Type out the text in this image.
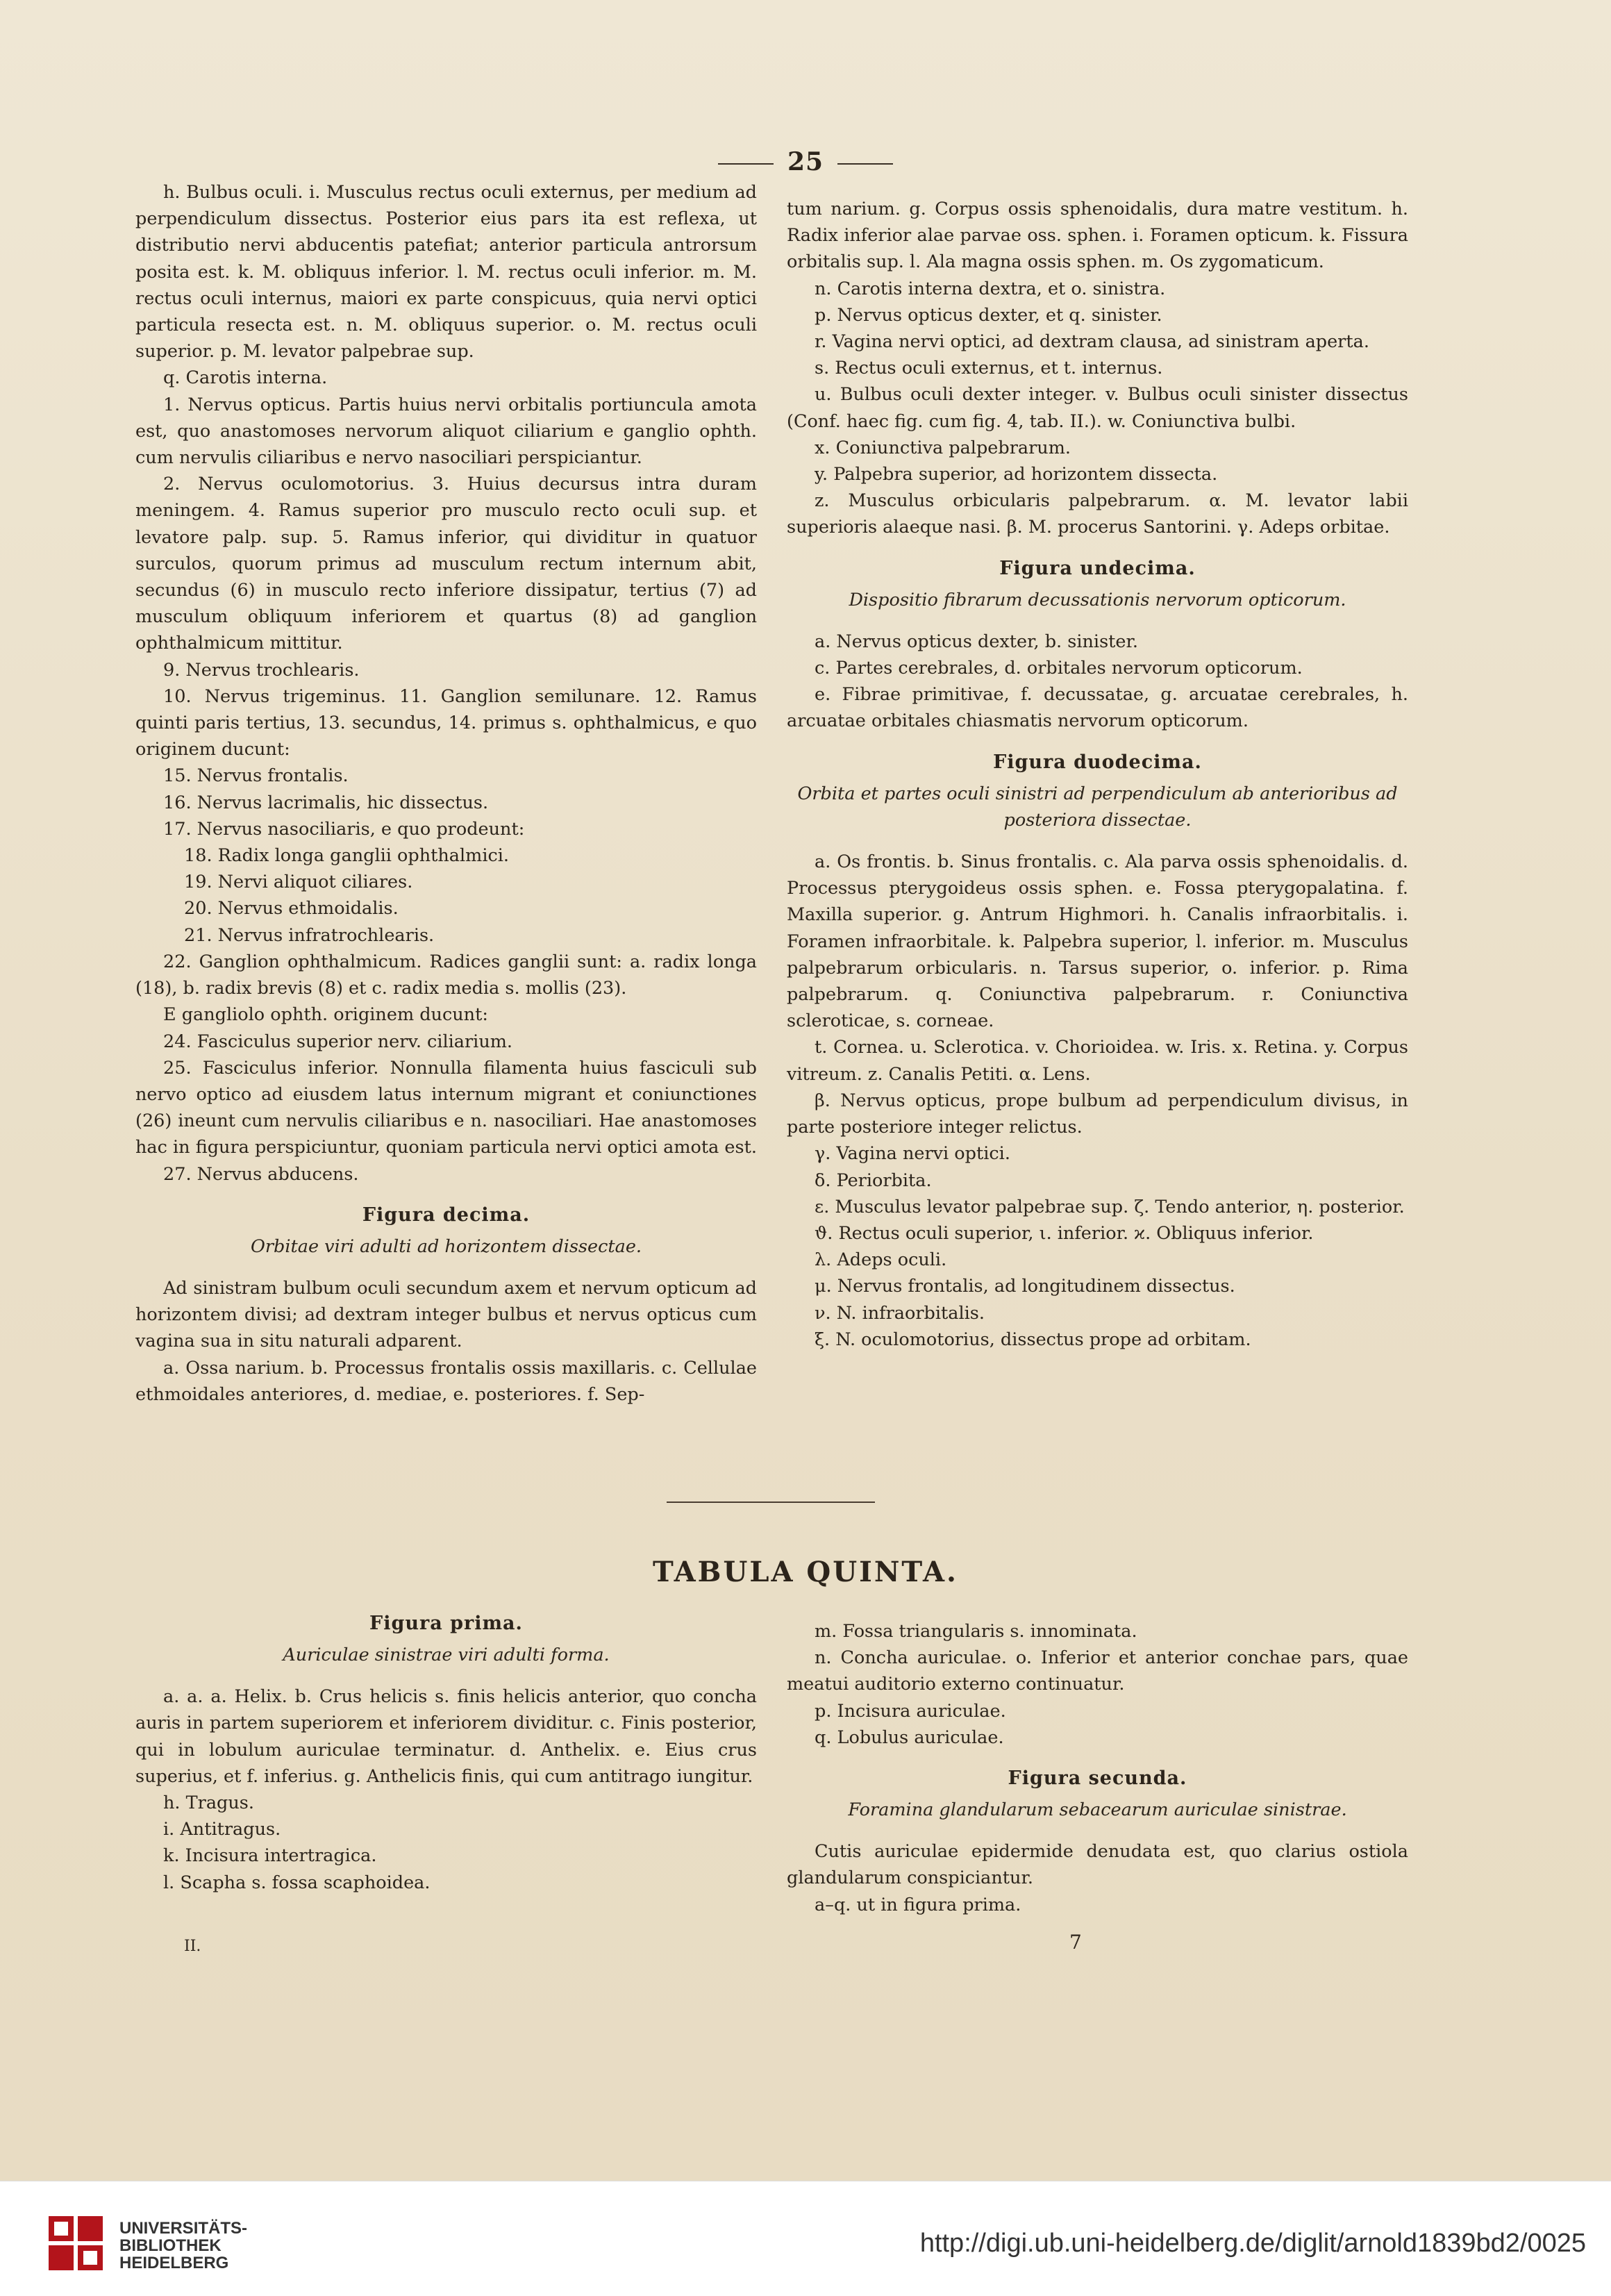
25

h. Bulbus oculi. i. Musculus rectus oculi externus, per medium ad perpendiculum dissectus. Posterior eius pars ita est reflexa, ut distributio nervi abducentis patefiat; anterior particula antrorsum posita est. k. M. obliquus inferior. l. M. rectus oculi inferior. m. M. rectus oculi internus, maiori ex parte conspicuus, quia nervi optici particula resecta est. n. M. obliquus superior. o. M. rectus oculi superior. p. M. levator palpebrae sup.

q. Carotis interna.

1. Nervus opticus. Partis huius nervi orbitalis portiuncula amota est, quo anastomoses nervorum aliquot ciliarium e ganglio ophth. cum nervulis ciliaribus e nervo nasociliari perspiciantur.

2. Nervus oculomotorius. 3. Huius decursus intra duram meningem. 4. Ramus superior pro musculo recto oculi sup. et levatore palp. sup. 5. Ramus inferior, qui dividitur in quatuor surculos, quorum primus ad musculum rectum internum abit, secundus (6) in musculo recto inferiore dissipatur, tertius (7) ad musculum obliquum inferiorem et quartus (8) ad ganglion ophthalmicum mittitur.

9. Nervus trochlearis.

10. Nervus trigeminus. 11. Ganglion semilunare. 12. Ramus quinti paris tertius, 13. secundus, 14. primus s. ophthalmicus, e quo originem ducunt:

15. Nervus frontalis.

16. Nervus lacrimalis, hic dissectus.

17. Nervus nasociliaris, e quo prodeunt:

18. Radix longa ganglii ophthalmici.

19. Nervi aliquot ciliares.

20. Nervus ethmoidalis.

21. Nervus infratrochlearis.

22. Ganglion ophthalmicum. Radices ganglii sunt: a. radix longa (18), b. radix brevis (8) et c. radix media s. mollis (23).

E gangliolo ophth. originem ducunt:

24. Fasciculus superior nerv. ciliarium.

25. Fasciculus inferior. Nonnulla filamenta huius fasciculi sub nervo optico ad eiusdem latus internum migrant et coniunctiones (26) ineunt cum nervulis ciliaribus e n. nasociliari. Hae anastomoses hac in figura perspiciuntur, quoniam particula nervi optici amota est.

27. Nervus abducens.

Figura decima.

Orbitae viri adulti ad horizontem dissectae.

Ad sinistram bulbum oculi secundum axem et nervum opticum ad horizontem divisi; ad dextram integer bulbus et nervus opticus cum vagina sua in situ naturali adparent.

a. Ossa narium. b. Processus frontalis ossis maxillaris. c. Cellulae ethmoidales anteriores, d. mediae, e. posteriores. f. Sep-

tum narium. g. Corpus ossis sphenoidalis, dura matre vestitum. h. Radix inferior alae parvae oss. sphen. i. Foramen opticum. k. Fissura orbitalis sup. l. Ala magna ossis sphen. m. Os zygomaticum.

n. Carotis interna dextra, et o. sinistra.

p. Nervus opticus dexter, et q. sinister.

r. Vagina nervi optici, ad dextram clausa, ad sinistram aperta.

s. Rectus oculi externus, et t. internus.

u. Bulbus oculi dexter integer. v. Bulbus oculi sinister dissectus (Conf. haec fig. cum fig. 4, tab. II.). w. Coniunctiva bulbi.

x. Coniunctiva palpebrarum.

y. Palpebra superior, ad horizontem dissecta.

z. Musculus orbicularis palpebrarum. α. M. levator labii superioris alaeque nasi. β. M. procerus Santorini. γ. Adeps orbitae.

Figura undecima.

Dispositio fibrarum decussationis nervorum opticorum.

a. Nervus opticus dexter, b. sinister.

c. Partes cerebrales, d. orbitales nervorum opticorum.

e. Fibrae primitivae, f. decussatae, g. arcuatae cerebrales, h. arcuatae orbitales chiasmatis nervorum opticorum.

Figura duodecima.

Orbita et partes oculi sinistri ad perpendiculum ab anterioribus ad posteriora dissectae.

a. Os frontis. b. Sinus frontalis. c. Ala parva ossis sphenoidalis. d. Processus pterygoideus ossis sphen. e. Fossa pterygopalatina. f. Maxilla superior. g. Antrum Highmori. h. Canalis infraorbitalis. i. Foramen infraorbitale. k. Palpebra superior, l. inferior. m. Musculus palpebrarum orbicularis. n. Tarsus superior, o. inferior. p. Rima palpebrarum. q. Coniunctiva palpebrarum. r. Coniunctiva scleroticae, s. corneae.

t. Cornea. u. Sclerotica. v. Chorioidea. w. Iris. x. Retina. y. Corpus vitreum. z. Canalis Petiti. α. Lens.

β. Nervus opticus, prope bulbum ad perpendiculum divisus, in parte posteriore integer relictus.

γ. Vagina nervi optici.

δ. Periorbita.

ε. Musculus levator palpebrae sup. ζ. Tendo anterior, η. posterior.

ϑ. Rectus oculi superior, ι. inferior. ϰ. Obliquus inferior.

λ. Adeps oculi.

μ. Nervus frontalis, ad longitudinem dissectus.

ν. N. infraorbitalis.

ξ. N. oculomotorius, dissectus prope ad orbitam.

TABULA QUINTA.
Figura prima.

Auriculae sinistrae viri adulti forma.

a. a. a. Helix. b. Crus helicis s. finis helicis anterior, quo concha auris in partem superiorem et inferiorem dividitur. c. Finis posterior, qui in lobulum auriculae terminatur. d. Anthelix. e. Eius crus superius, et f. inferius. g. Anthelicis finis, qui cum antitrago iungitur.

h. Tragus.

i. Antitragus.

k. Incisura intertragica.

l. Scapha s. fossa scaphoidea.

m. Fossa triangularis s. innominata.

n. Concha auriculae. o. Inferior et anterior conchae pars, quae meatui auditorio externo continuatur.

p. Incisura auriculae.

q. Lobulus auriculae.

Figura secunda.

Foramina glandularum sebacearum auriculae sinistrae.

Cutis auriculae epidermide denudata est, quo clarius ostiola glandularum conspiciantur.

a–q. ut in figura prima.

II.	7
UNIVERSITÄTS-
BIBLIOTHEK
HEIDELBERG
http://digi.ub.uni-heidelberg.de/diglit/arnold1839bd2/0025
